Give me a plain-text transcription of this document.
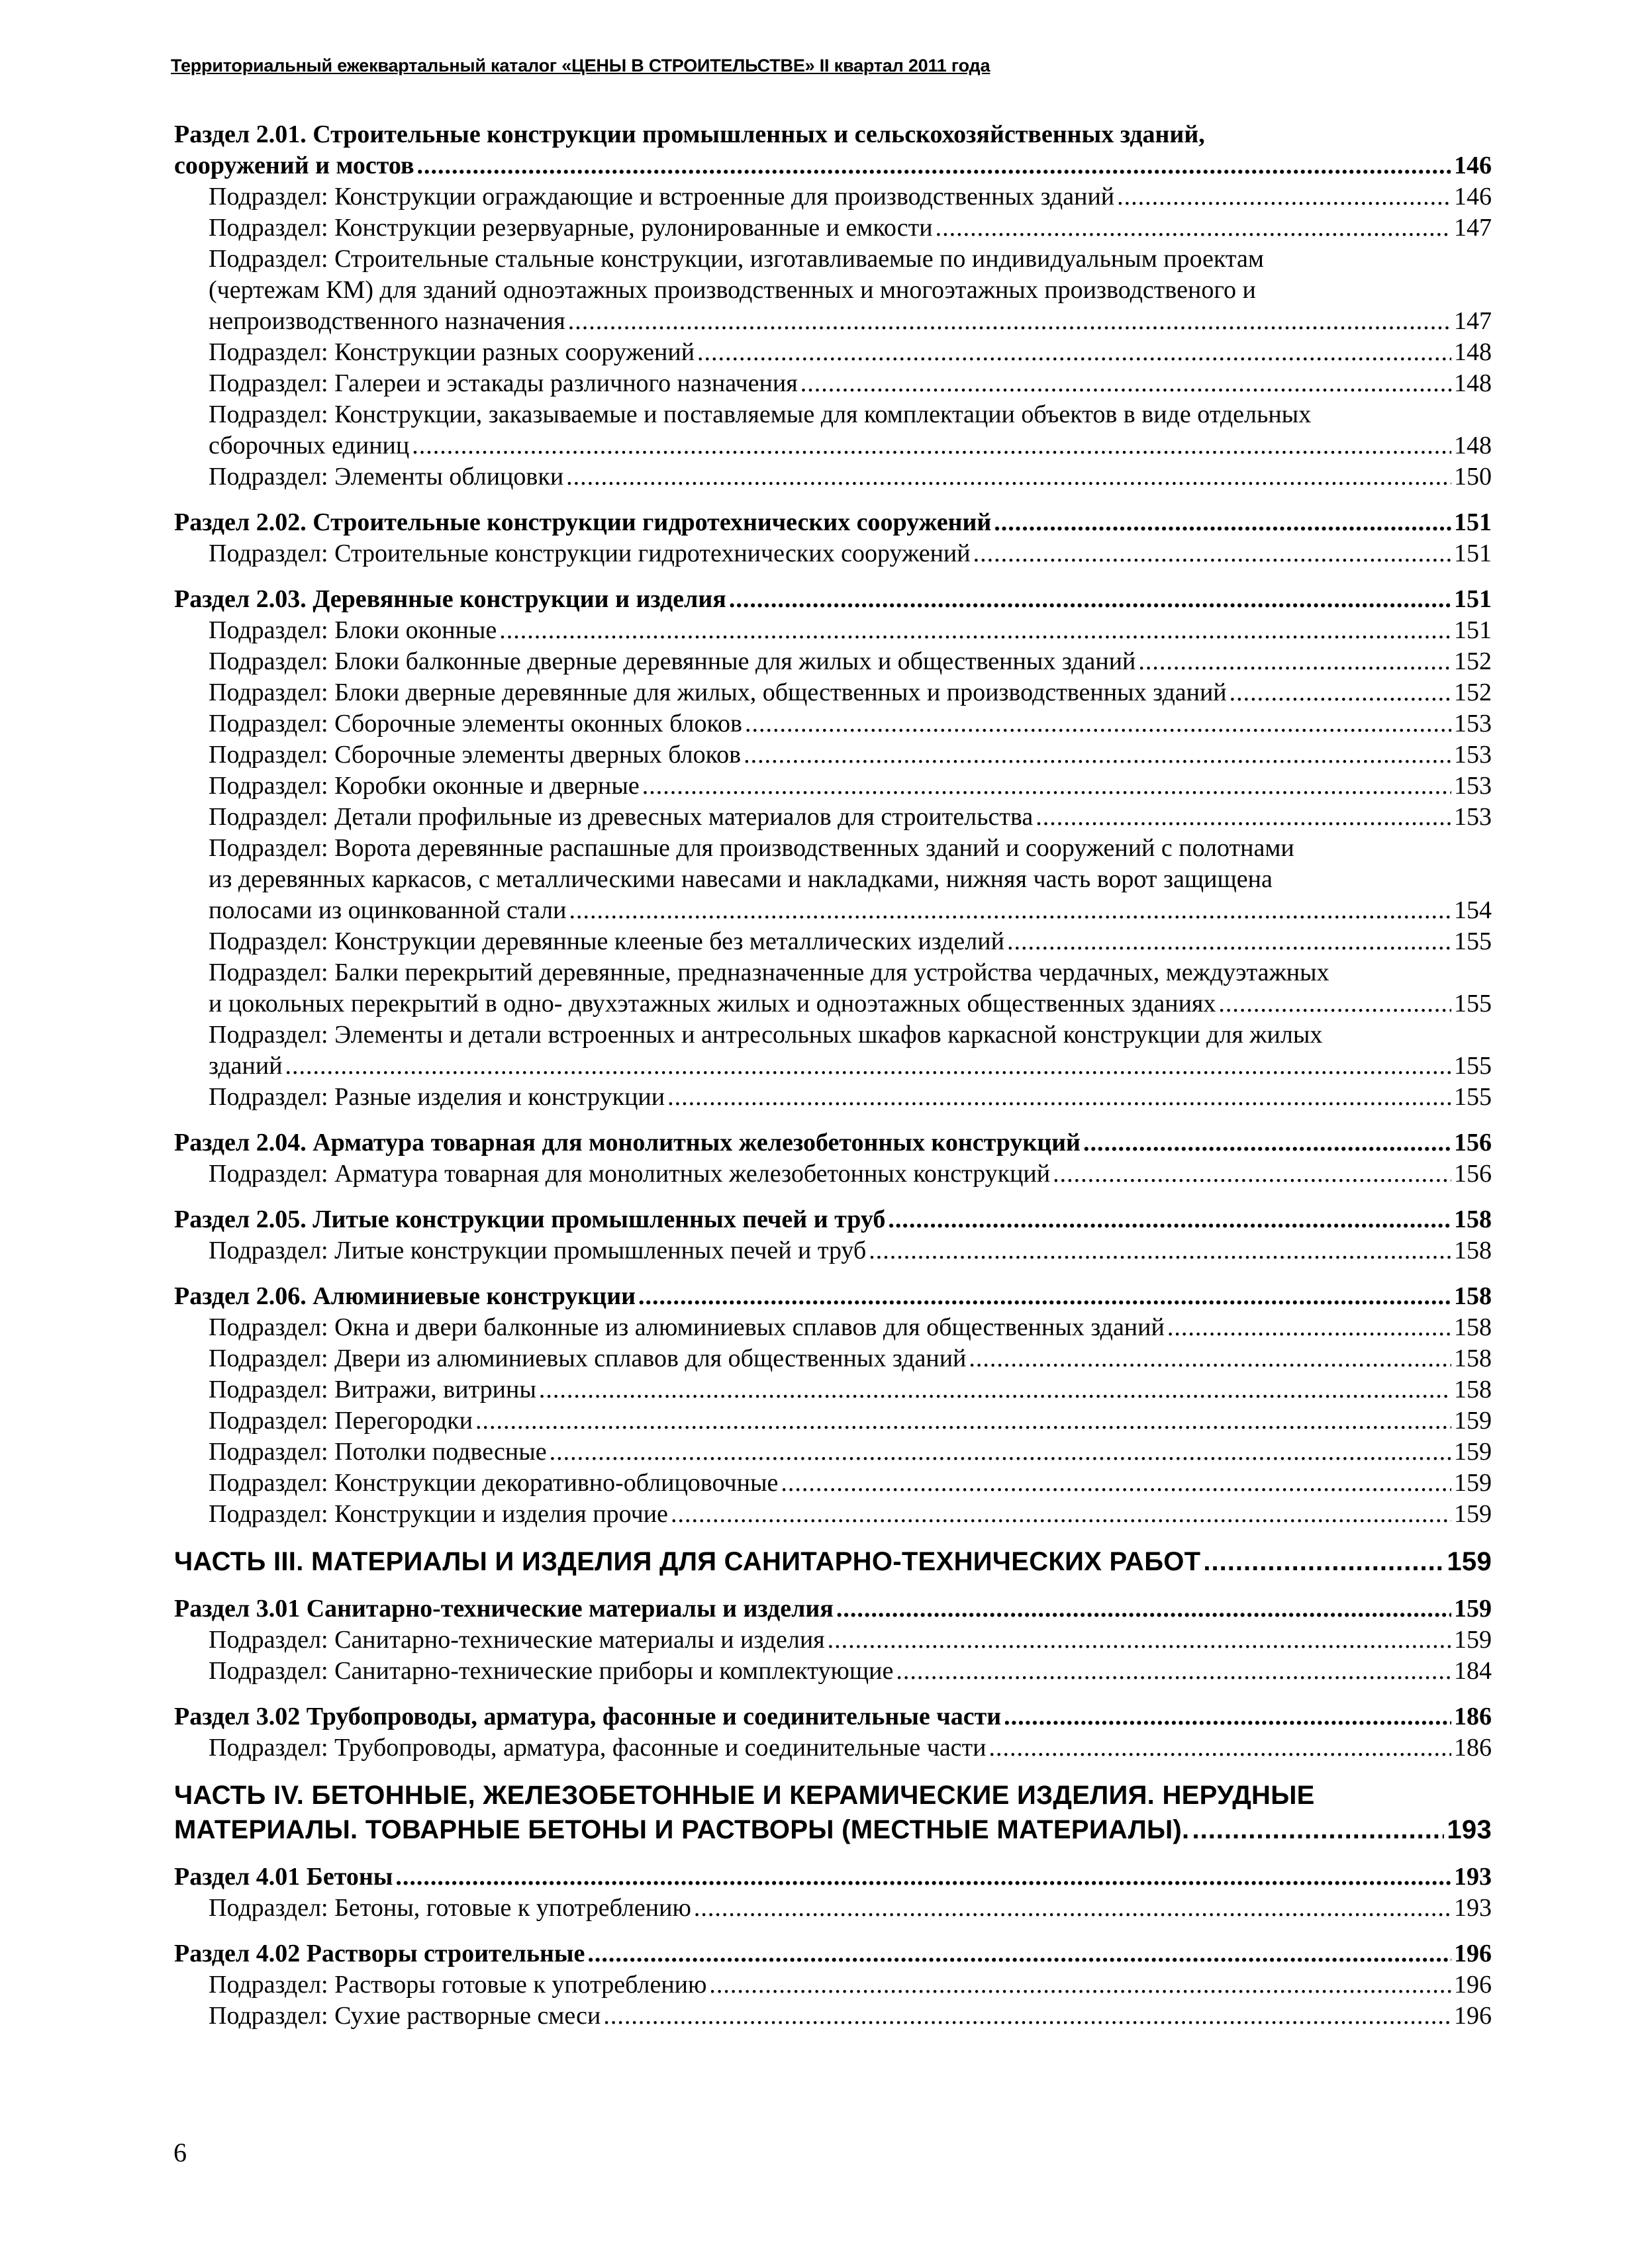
Территориальный ежеквартальный каталог «ЦЕНЫ В СТРОИТЕЛЬСТВЕ» II квартал 2011 года
Раздел 2.01. Строительные конструкции промышленных и сельскохозяйственных зданий,
сооружений и мостов .....	146
Подраздел: Конструкции ограждающие и встроенные для производственных зданий .....	146
Подраздел: Конструкции резервуарные, рулонированные и емкости .....	147
Подраздел: Строительные стальные конструкции, изготавливаемые по индивидуальным проектам
(чертежам КМ) для зданий одноэтажных производственных и многоэтажных производственого и
непроизводственного назначения .....	147
Подраздел: Конструкции разных сооружений .....	148
Подраздел: Галереи и эстакады различного назначения .....	148
Подраздел: Конструкции, заказываемые и поставляемые для комплектации объектов в виде отдельных
сборочных единиц .....	148
Подраздел: Элементы облицовки .....	150
Раздел 2.02. Строительные конструкции гидротехнических сооружений .....	151
Подраздел: Строительные конструкции гидротехнических сооружений .....	151
Раздел 2.03. Деревянные конструкции и изделия .....	151
Подраздел: Блоки оконные .....	151
Подраздел: Блоки балконные дверные деревянные для жилых и общественных зданий .....	152
Подраздел: Блоки дверные деревянные для жилых, общественных и производственных зданий .....	152
Подраздел: Сборочные элементы оконных блоков .....	153
Подраздел: Сборочные элементы дверных блоков .....	153
Подраздел: Коробки оконные и дверные .....	153
Подраздел: Детали профильные из древесных материалов для строительства .....	153
Подраздел: Ворота деревянные распашные для производственных зданий и сооружений с полотнами
из деревянных каркасов, с металлическими навесами и накладками, нижняя часть ворот защищена
полосами из оцинкованной стали .....	154
Подраздел: Конструкции деревянные клееные без металлических изделий .....	155
Подраздел: Балки перекрытий деревянные, предназначенные для устройства чердачных, междуэтажных
и цокольных перекрытий в одно- двухэтажных жилых и одноэтажных общественных зданиях .....	155
Подраздел: Элементы и детали встроенных и антресольных шкафов каркасной конструкции для жилых
зданий .....	155
Подраздел: Разные изделия и конструкции .....	155
Раздел 2.04. Арматура товарная для монолитных железобетонных конструкций .....	156
Подраздел: Арматура товарная для монолитных железобетонных конструкций .....	156
Раздел 2.05. Литые конструкции промышленных печей и труб .....	158
Подраздел: Литые конструкции промышленных печей и труб .....	158
Раздел 2.06. Алюминиевые конструкции .....	158
Подраздел: Окна и двери балконные из алюминиевых сплавов для общественных зданий .....	158
Подраздел: Двери из алюминиевых сплавов для общественных зданий .....	158
Подраздел: Витражи, витрины .....	158
Подраздел: Перегородки .....	159
Подраздел: Потолки подвесные .....	159
Подраздел: Конструкции декоративно-облицовочные .....	159
Подраздел: Конструкции и изделия прочие .....	159
ЧАСТЬ III. МАТЕРИАЛЫ И ИЗДЕЛИЯ ДЛЯ САНИТАРНО-ТЕХНИЧЕСКИХ РАБОТ .....	159
Раздел 3.01 Санитарно-технические материалы и изделия .....	159
Подраздел: Санитарно-технические материалы и изделия .....	159
Подраздел: Санитарно-технические приборы и комплектующие .....	184
Раздел 3.02 Трубопроводы, арматура, фасонные и соединительные части .....	186
Подраздел: Трубопроводы, арматура, фасонные и соединительные части .....	186
ЧАСТЬ IV. БЕТОННЫЕ, ЖЕЛЕЗОБЕТОННЫЕ И КЕРАМИЧЕСКИЕ ИЗДЕЛИЯ. НЕРУДНЫЕ
МАТЕРИАЛЫ. ТОВАРНЫЕ БЕТОНЫ И РАСТВОРЫ (МЕСТНЫЕ МАТЕРИАЛЫ). .....	193
Раздел 4.01 Бетоны .....	193
Подраздел: Бетоны, готовые к употреблению .....	193
Раздел 4.02 Растворы строительные .....	196
Подраздел: Растворы готовые к употреблению .....	196
Подраздел: Сухие растворные смеси .....	196
6
